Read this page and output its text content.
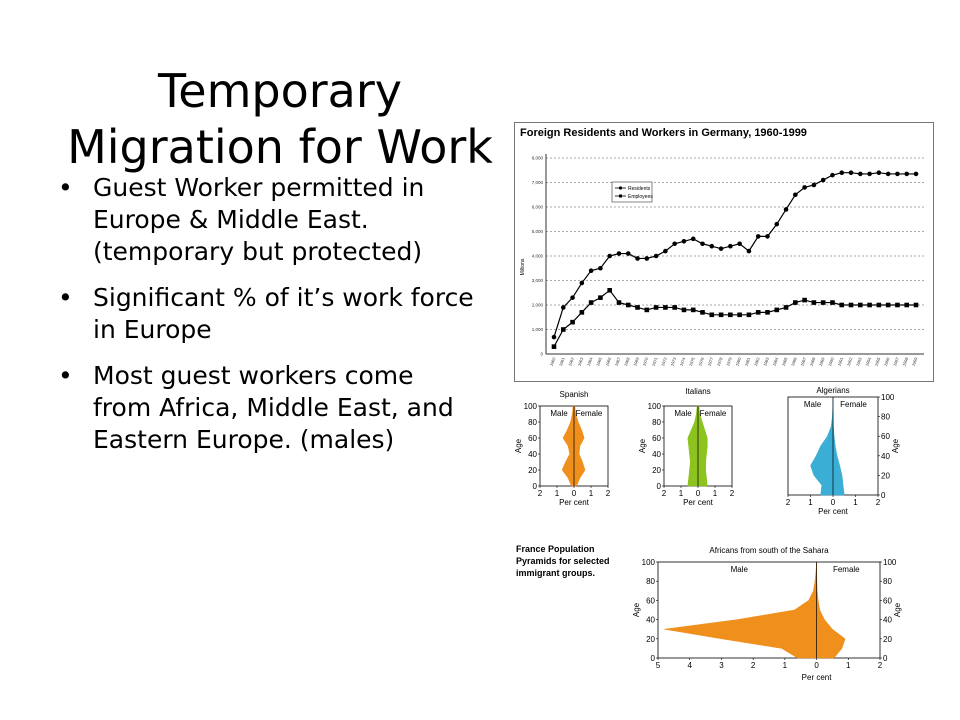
Temporary
Migration for Work
• Guest Worker permitted in Europe & Middle East. (temporary but protected)
• Significant % of it’s work force in Europe
• Most guest workers come from Africa, Middle East, and Eastern Europe. (males)
Foreign Residents and Workers in Germany, 1960-1999
Millions
0
1,000
2,000
3,000
4,000
5,000
6,000
7,000
8,000
1960 1961 1962 1963 1964 1965 1966 1967 1968 1969 1970 1971 1972 1973 1974 1975 1976 1977 1978 1979 1980 1981 1982 1983 1984 1985 1986 1987 1988 1989 1990 1991 1992 1993 1994 1995 1996 1997 1998 1999
Residents
Employees
Spanish
Male Female
2 1 0 1 2
Per cent
0
20
40
60
80
100
Age
Italians
Male Female
2 1 0 1 2
Per cent
0
20
40
60
80
100
Age
Algerians
Male Female
2 1 0 1 2
Per cent
0
20
40
60
80
100
Age
Africans from south of the Sahara
Male	Female
5	4	3	2	1	0	1	2
Per cent
0
20
40
60
80
100
Age
0
20
40
60
80
100
Age
France Population
Pyramids for selected
immigrant groups.
